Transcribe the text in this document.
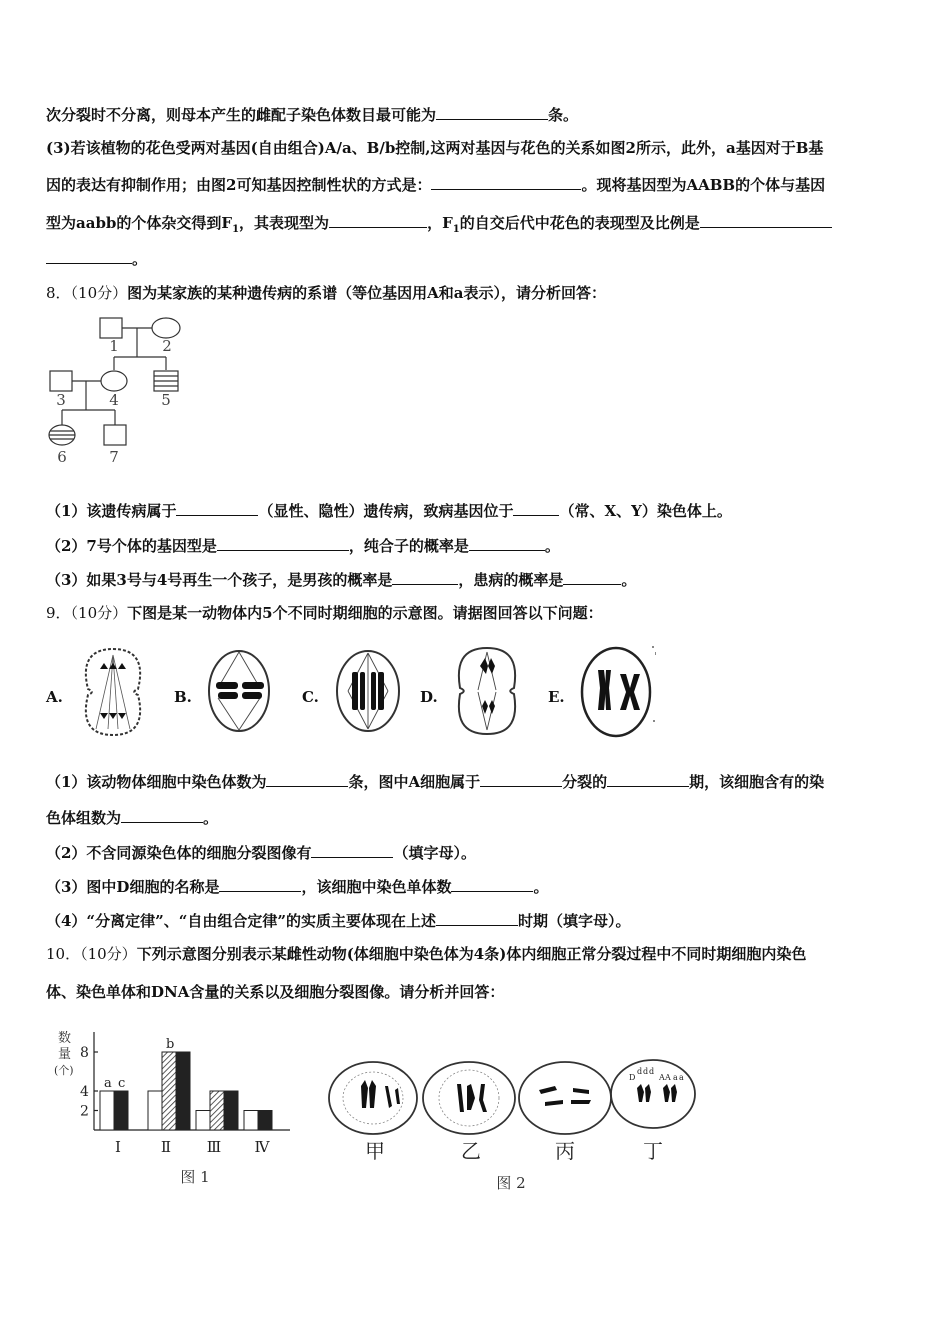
次分裂时不分离，则母本产生的雌配子染色体数目最可能为	条。
(3)若该植物的花色受两对基因(自由组合)A/a、B/b控制,这两对基因与花色的关系如图2所示，此外，a基因对于B基
因的表达有抑制作用；由图2可知基因控制性状的方式是：	。现将基因型为AABB的个体与基因
型为aabb的个体杂交得到$F_1$，其表现型为	，$F_1$的自交后代中花色的表现型及比例是
。
8．（10分）图为某家族的某种遗传病的系谱（等位基因用A和a表示），请分析回答：
1	2
3	4	5
6	7
（1）该遗传病属于	（显性、隐性）遗传病，致病基因位于	（常、X、Y）染色体上。
（2）7号个体的基因型是	，纯合子的概率是	。
（3）如果3号与4号再生一个孩子，是男孩的概率是	，患病的概率是	。
9．（10分）下图是某一动物体内5个不同时期细胞的示意图。请据图回答以下问题：
A.	B.	C.	D.	E.
（1）该动物体细胞中染色体数为	条，图中A细胞属于	分裂的	期，该细胞含有的染
色体组数为	。
（2）不含同源染色体的细胞分裂图像有	（填字母）。
（3）图中D细胞的名称是	，该细胞中染色单体数	。
（4）“分离定律”、“自由组合定律”的实质主要体现在上述	时期（填字母）。
10．（10分）下列示意图分别表示某雌性动物(体细胞中染色体为4条)体内细胞正常分裂过程中不同时期细胞内染色
体、染色单体和DNA含量的关系以及细胞分裂图像。请分析并回答：
数
量
(个)
2
4
8
Ⅰ	Ⅱ Ⅲ Ⅳ
a c
b
图 1
D
d d d
A A a a
甲	乙	丙	丁
图 2
